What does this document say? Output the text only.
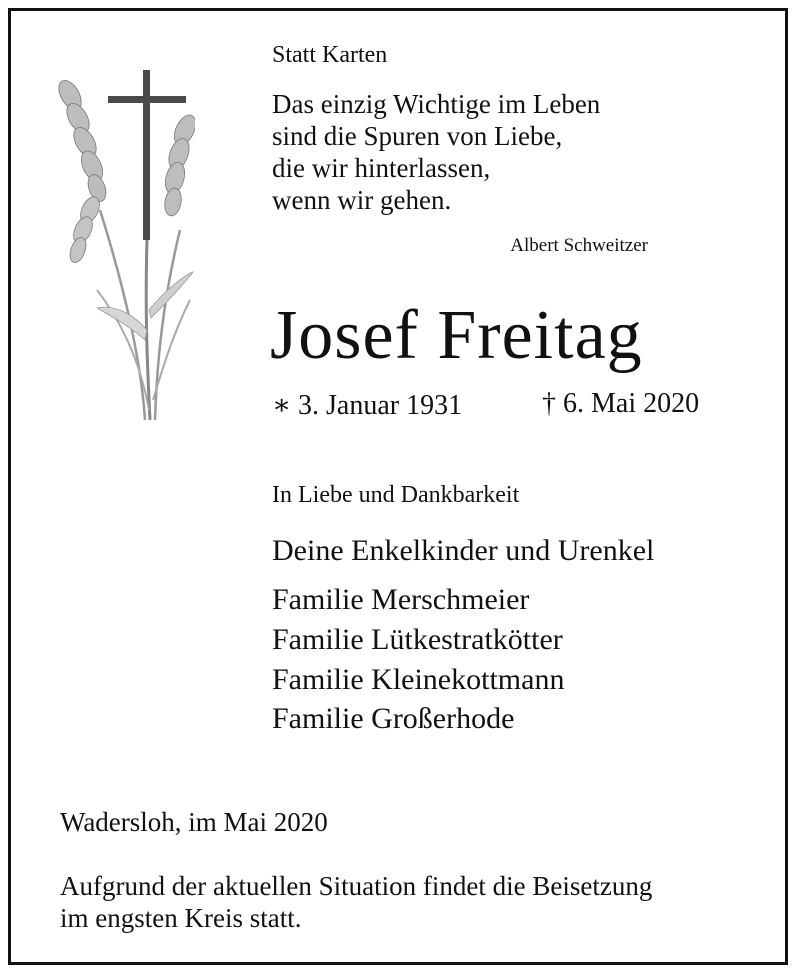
Statt Karten
Das einzig Wichtige im Leben
sind die Spuren von Liebe,
die wir hinterlassen,
wenn wir gehen.
Albert Schweitzer
Josef Freitag
∗ 3. Januar 1931	† 6. Mai 2020
In Liebe und Dankbarkeit
Deine Enkelkinder und Urenkel
Familie Merschmeier
Familie Lütkestratkötter
Familie Kleinekottmann
Familie Großerhode
Wadersloh, im Mai 2020
Aufgrund der aktuellen Situation findet die Beisetzung
im engsten Kreis statt.
